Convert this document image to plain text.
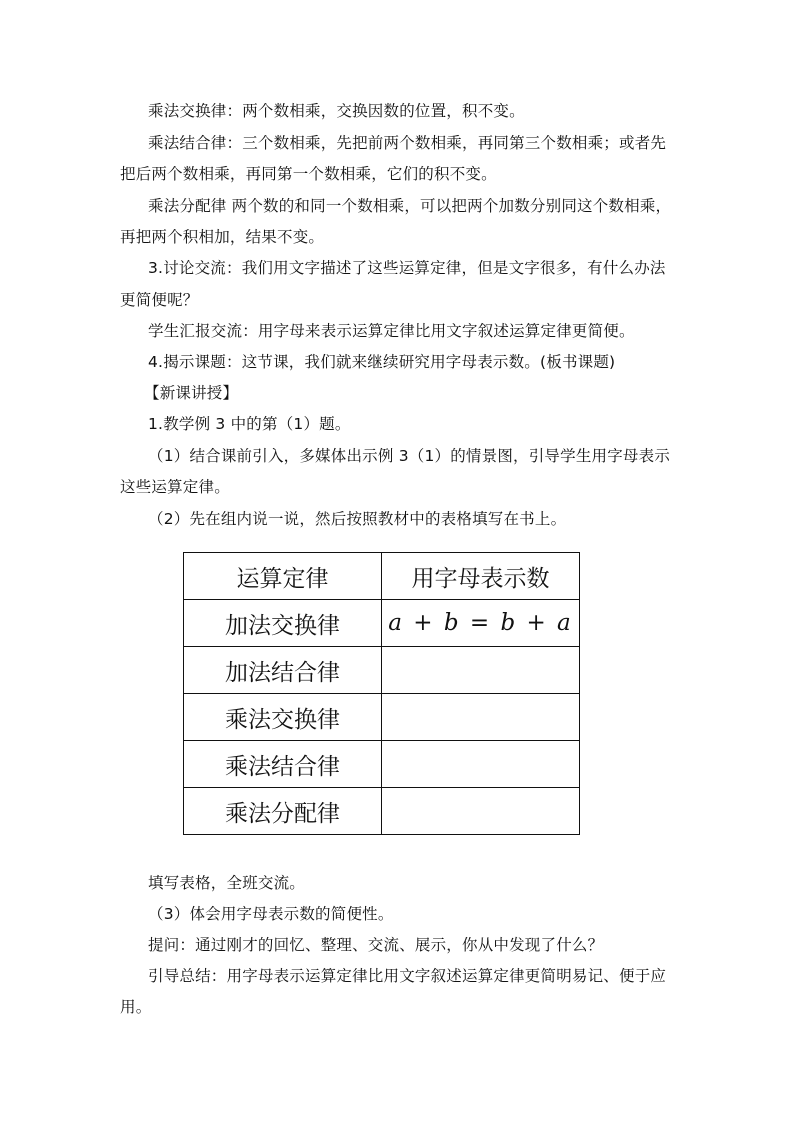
乘法交换律：两个数相乘，交换因数的位置，积不变。
乘法结合律：三个数相乘，先把前两个数相乘，再同第三个数相乘；或者先
把后两个数相乘，再同第一个数相乘，它们的积不变。
乘法分配律 两个数的和同一个数相乘，可以把两个加数分别同这个数相乘，
再把两个积相加，结果不变。
3.讨论交流：我们用文字描述了这些运算定律，但是文字很多，有什么办法
更简便呢？
学生汇报交流：用字母来表示运算定律比用文字叙述运算定律更简便。
4.揭示课题：这节课，我们就来继续研究用字母表示数。(板书课题)
【新课讲授】
1.教学例 3 中的第（1）题。
（1）结合课前引入，多媒体出示例 3（1）的情景图，引导学生用字母表示
这些运算定律。
（2）先在组内说一说，然后按照教材中的表格填写在书上。
运算定律	用字母表示数
加法交换律	a + b = b + a
加法结合律	
乘法交换律	
乘法结合律	
乘法分配律	
填写表格，全班交流。
（3）体会用字母表示数的简便性。
提问：通过刚才的回忆、整理、交流、展示，你从中发现了什么？
引导总结：用字母表示运算定律比用文字叙述运算定律更简明易记、便于应
用。
